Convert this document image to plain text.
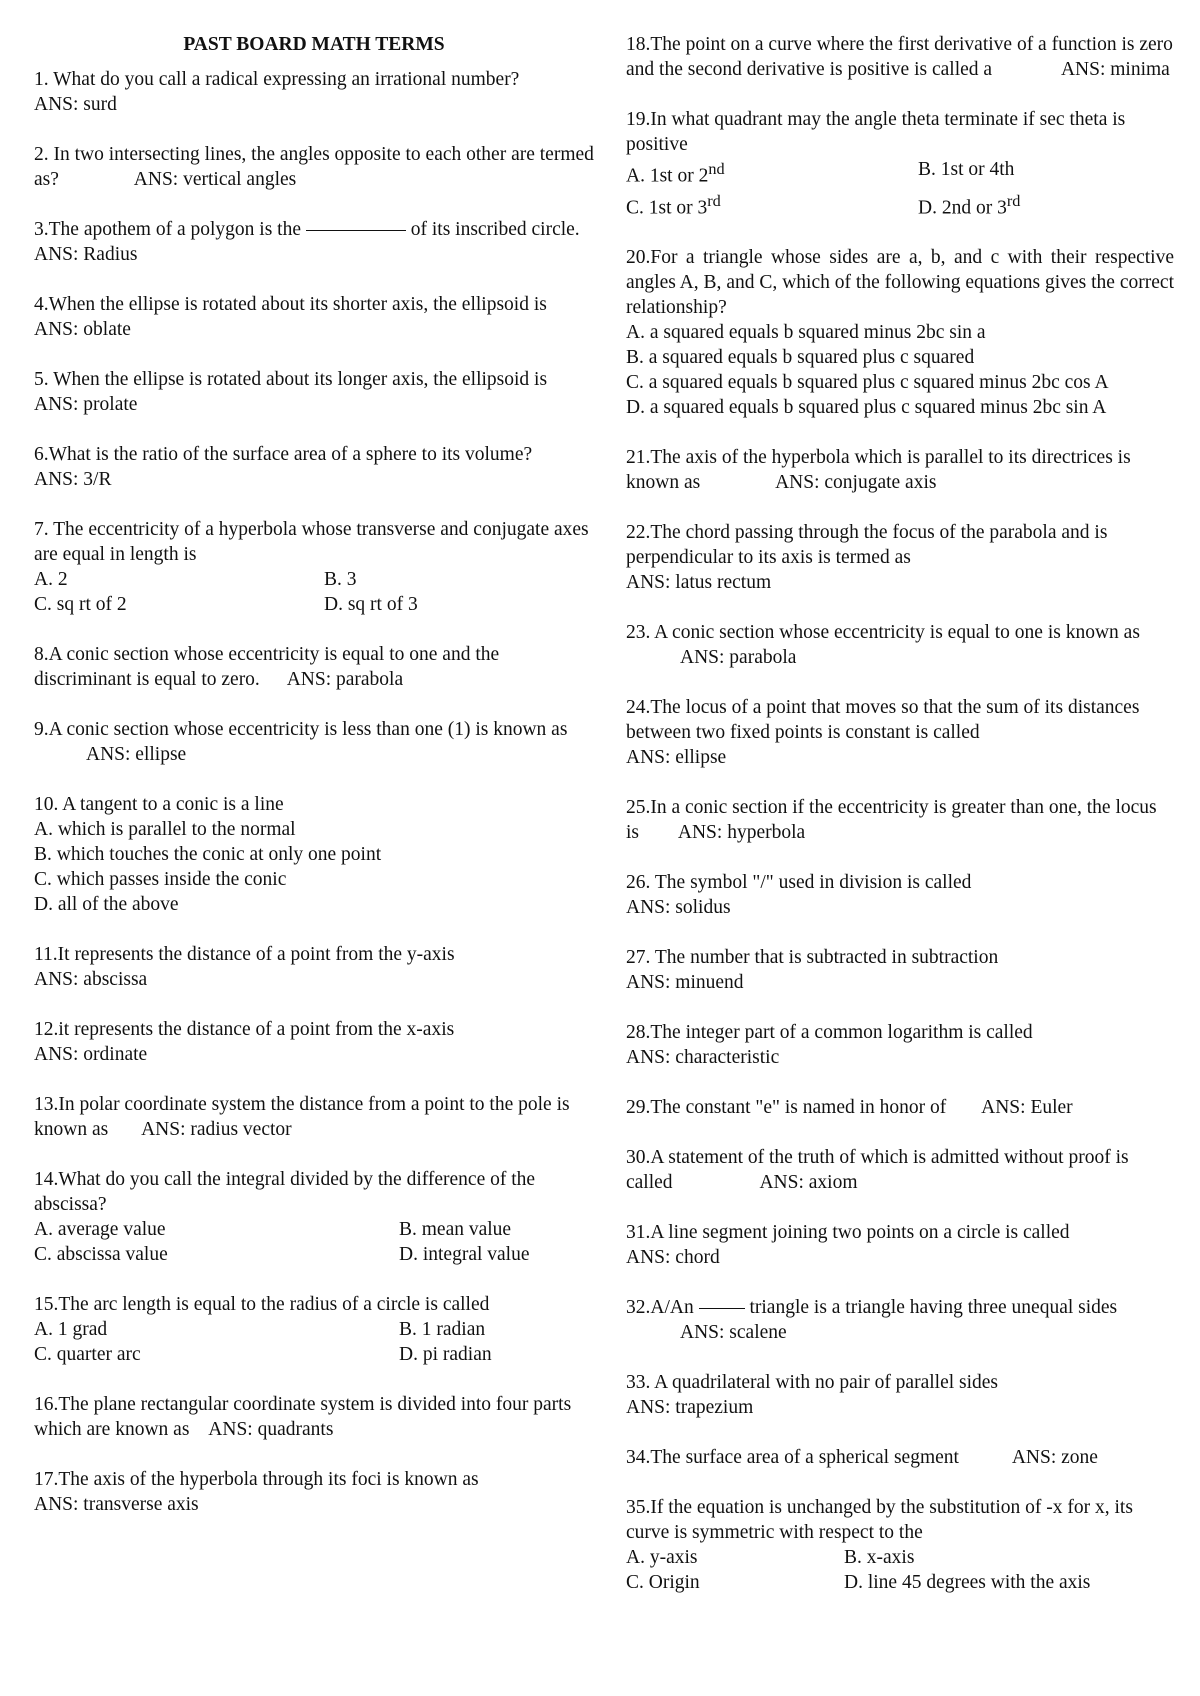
PAST BOARD MATH TERMS
1. What do you call a radical expressing an irrational number? ANS: surd
2. In two intersecting lines, the angles opposite to each other are termed as?	ANS: vertical angles
3.The apothem of a polygon is the	of its inscribed circle.
ANS: Radius
4.When the ellipse is rotated about its shorter axis, the ellipsoid is
ANS: oblate
5. When the ellipse is rotated about its longer axis, the ellipsoid is ANS: prolate
6.What is the ratio of the surface area of a sphere to its volume? ANS: 3/R
7. The eccentricity of a hyperbola whose transverse and conjugate axes are equal in length is
A. 2	B. 3
C. sq rt of 2	D. sq rt of 3
8.A conic section whose eccentricity is equal to one and the discriminant is equal to zero. ANS: parabola
9.A conic section whose eccentricity is less than one (1) is known as ANS: ellipse
10. A tangent to a conic is a line
A. which is parallel to the normal
B. which touches the conic at only one point
C. which passes inside the conic
D. all of the above
11.It represents the distance of a point from the y-axis
ANS: abscissa
12.it represents the distance of a point from the x-axis
ANS: ordinate
13.In polar coordinate system the distance from a point to the pole is known as ANS: radius vector
14.What do you call the integral divided by the difference of the abscissa?
A. average value	B. mean value
C. abscissa value	D. integral value
15.The arc length is equal to the radius of a circle is called
A. 1 grad	B. 1 radian
C. quarter arc	D. pi radian
16.The plane rectangular coordinate system is divided into four parts which are known as ANS: quadrants
17.The axis of the hyperbola through its foci is known as
ANS: transverse axis
18.The point on a curve where the first derivative of a function is zero and the second derivative is positive is called a	ANS: minima
19.In what quadrant may the angle theta terminate if sec theta is positive
A. 1st or 2nd	B. 1st or 4th
C. 1st or 3rd	D. 2nd or 3rd
20.For a triangle whose sides are a, b, and c with their respective angles A, B, and C, which of the following equations gives the correct relationship?
A. a squared equals b squared minus 2bc sin a
B. a squared equals b squared plus c squared
C. a squared equals b squared plus c squared minus 2bc cos A
D. a squared equals b squared plus c squared minus 2bc sin A
21.The axis of the hyperbola which is parallel to its directrices is known as	ANS: conjugate axis
22.The chord passing through the focus of the parabola and is perpendicular to its axis is termed as
ANS: latus rectum
23. A conic section whose eccentricity is equal to one is known as ANS: parabola
24.The locus of a point that moves so that the sum of its distances between two fixed points is constant is called
ANS: ellipse
25.In a conic section if the eccentricity is greater than one, the locus is ANS: hyperbola
26. The symbol "/" used in division is called
ANS: solidus
27. The number that is subtracted in subtraction
ANS: minuend
28.The integer part of a common logarithm is called
ANS: characteristic
29.The constant "e" is named in honor of ANS: Euler
30.A statement of the truth of which is admitted without proof is called	ANS: axiom
31.A line segment joining two points on a circle is called
ANS: chord
32.A/An	triangle is a triangle having three unequal sides ANS: scalene
33. A quadrilateral with no pair of parallel sides
ANS: trapezium
34.The surface area of a spherical segment	ANS: zone
35.If the equation is unchanged by the substitution of -x for x, its curve is symmetric with respect to the
A. y-axis	B. x-axis
C. Origin	D. line 45 degrees with the axis
